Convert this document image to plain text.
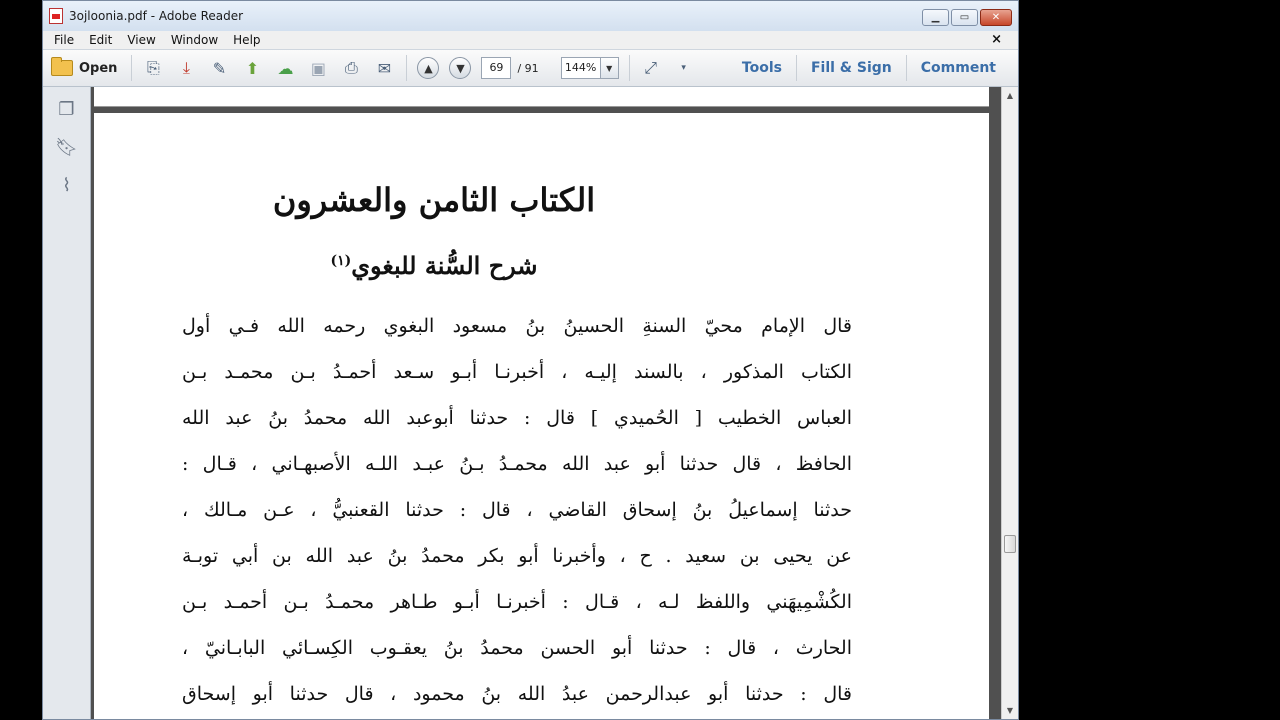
3ojloonia.pdf - Adobe Reader	▁ ▭ ✕
File	Edit	View	Window	Help	×
Open	⎘	⤓	✎	⬆	☁ ▣	⎙	✉	▲ ▼	69	/ 91 144%	▼	⤢	▾	Tools	Fill & Sign	Comment
❐
🔖︎
⌇	الكتاب الثامن والعشرون
شرح السُّنة للبغوي$^{(١)}$

قال الإمام محيّ السنةِ الحسينُ بنُ مسعود البغوي رحمه الله فـي أول

الكتاب المذكور ، بالسند إليـه ، أخبرنـا أبـو سـعد أحمـدُ بـن محمـد بـن

العباس الخطيب [ الحُميدي ] قال : حدثنا أبوعبد الله محمدُ بنُ عبد الله

الحافظ ، قال حدثنا أبو عبد الله محمـدُ بـنُ عبـد اللـه الأصبهـاني ، قـال :

حدثنا إسماعيلُ بنُ إسحاق القاضي ، قال : حدثنا القعنبيُّ ، عـن مـالك ،

عن يحيى بن سعيد . ح ، وأخبرنا أبو بكر محمدُ بنُ عبد الله بن أبي توبـة

الكُشْمِيهَني واللفظ لـه ، قـال : أخبرنـا أبـو طـاهر محمـدُ بـن أحمـد بـن

الحارث ، قال : حدثنا أبو الحسن محمدُ بنُ يعقـوب الكِسـائي البابـانيّ ،

قال : حدثنا أبو عبدالرحمن عبدُ الله بنُ محمود ، قال حدثنا أبو إسحاق

▲
▼
